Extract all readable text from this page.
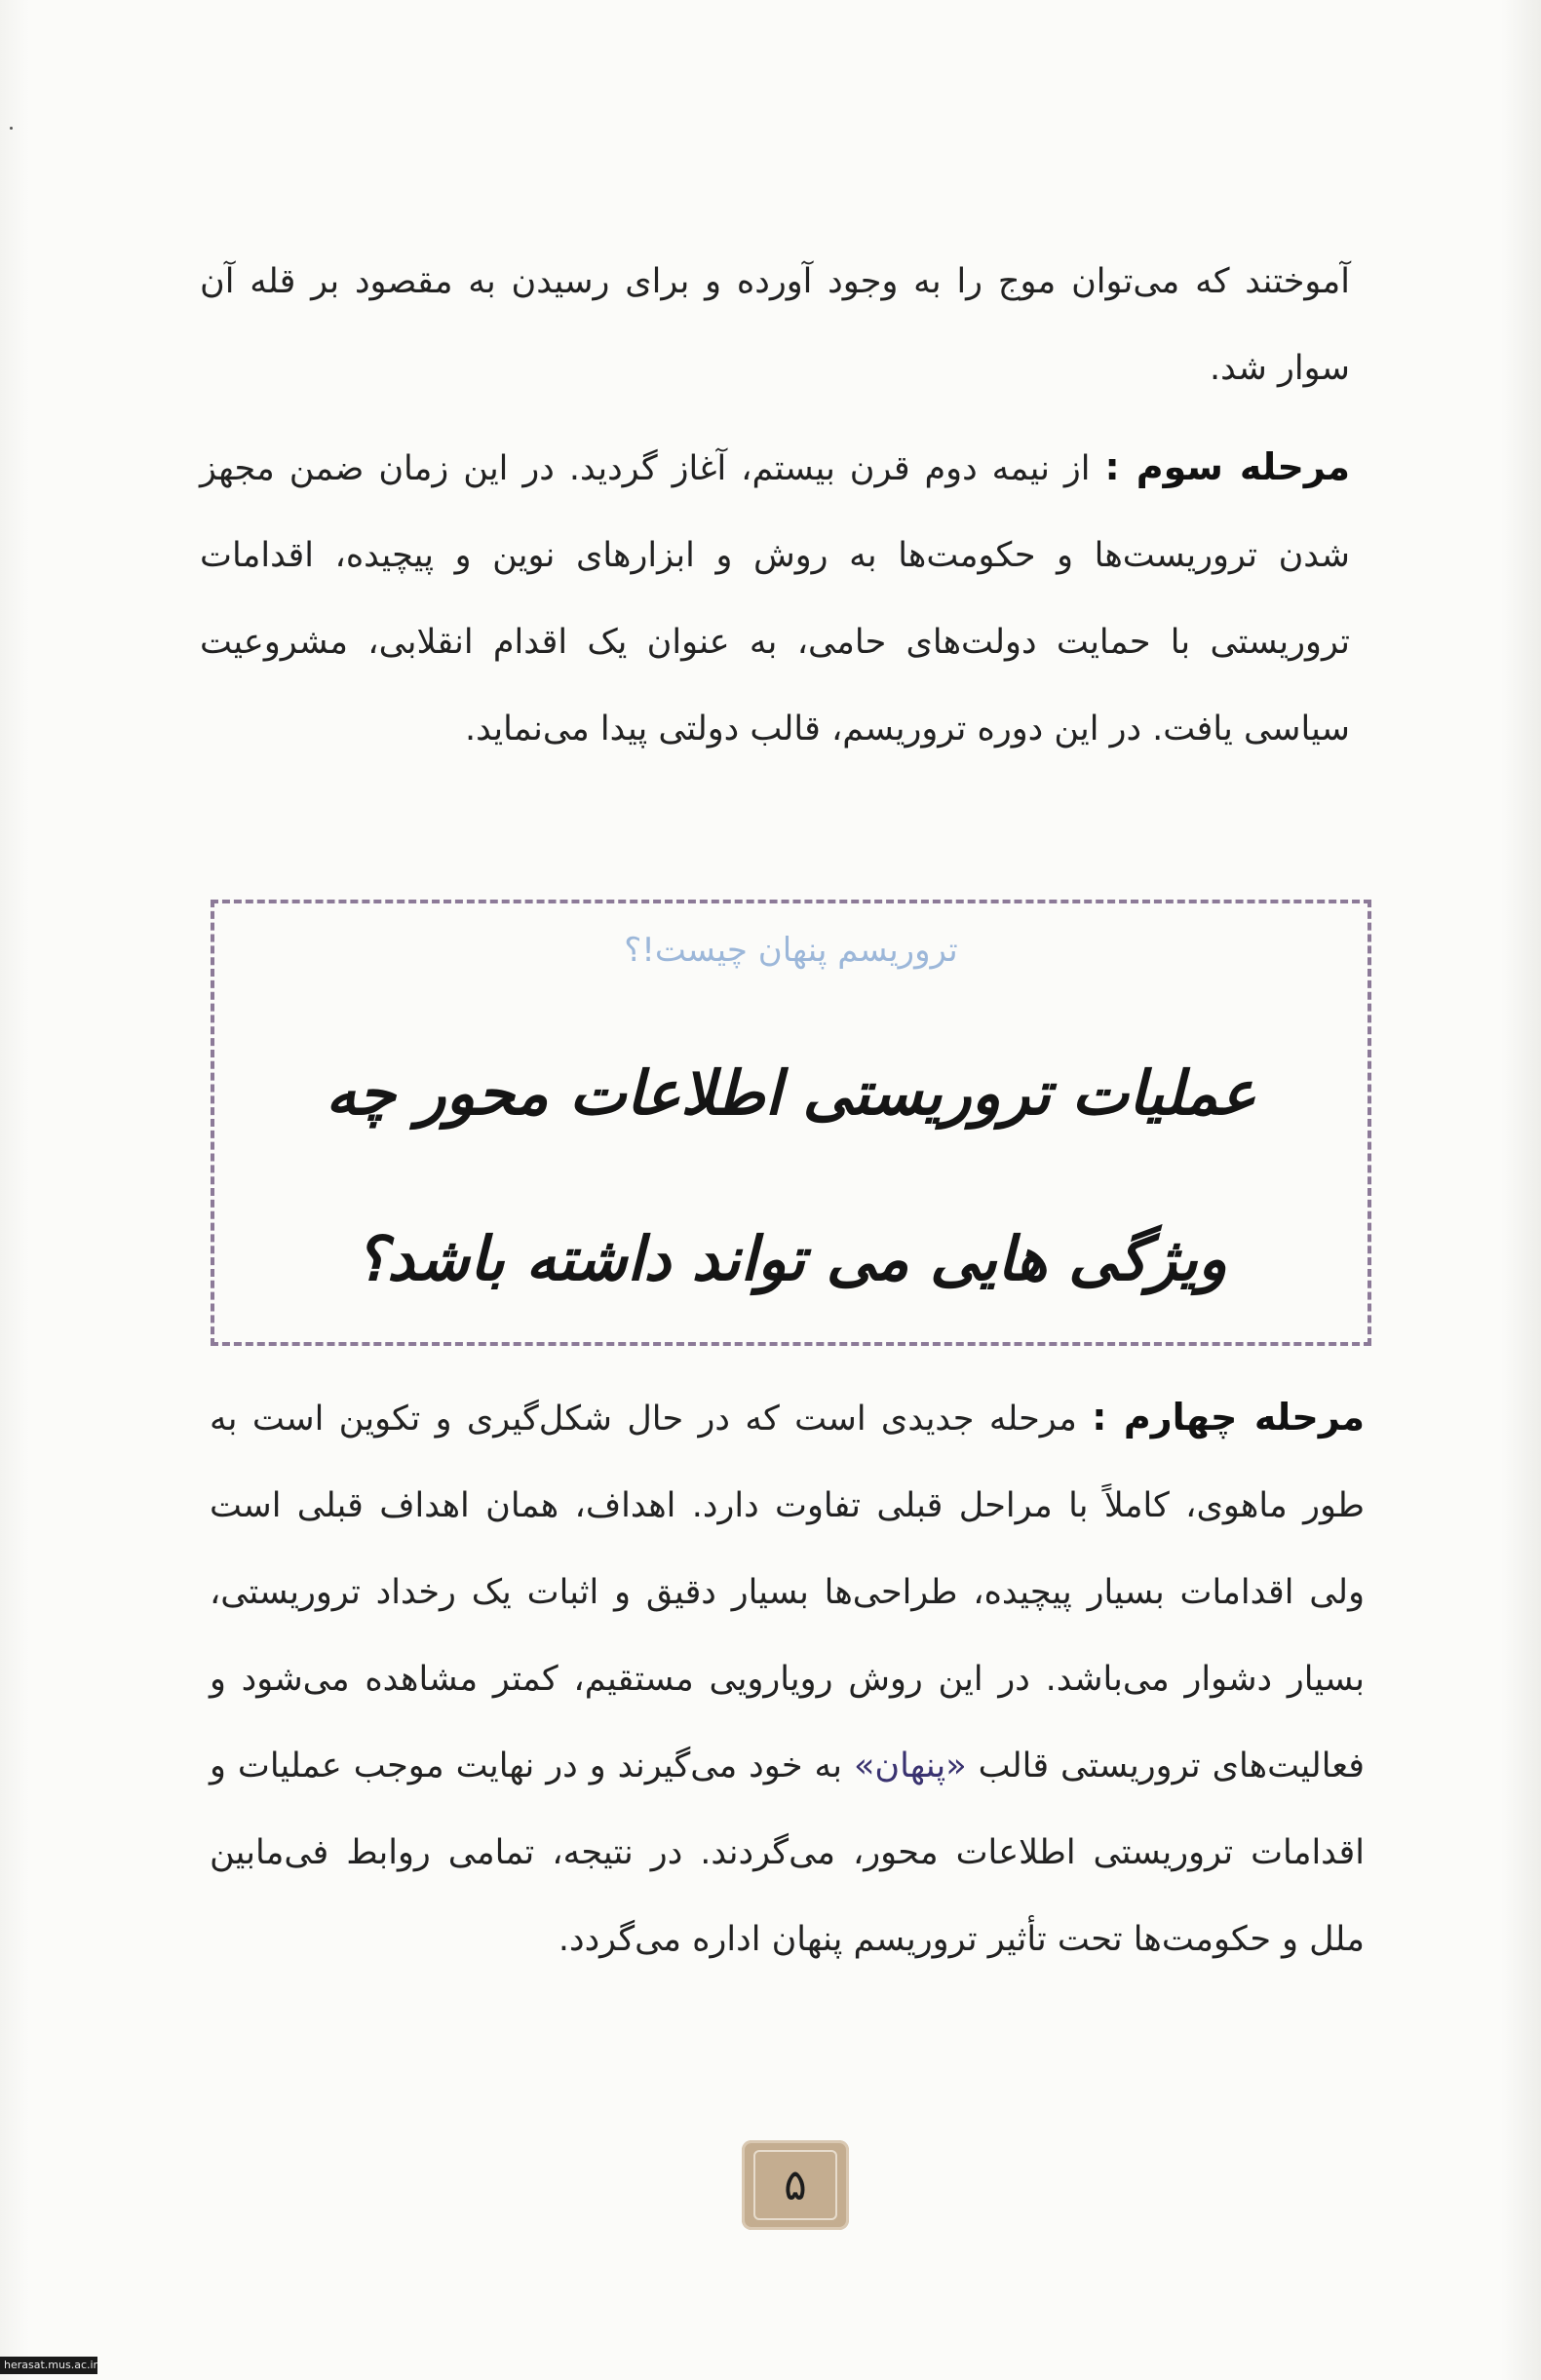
آموختند که می‌توان موج را به وجود آورده و برای رسیدن به مقصود بر قله آن سوار شد.

مرحله سوم : از نیمه دوم قرن بیستم، آغاز گردید. در این زمان ضمن مجهز شدن تروریست‌ها و حکومت‌ها به روش و ابزارهای نوین و پیچیده، اقدامات تروریستی با حمایت دولت‌های حامی، به عنوان یک اقدام انقلابی، مشروعیت سیاسی یافت. در این دوره تروریسم، قالب دولتی پیدا می‌نماید.

تروریسم پنهان چیست!؟
عملیات تروریستی اطلاعات محور چه ویژگی هایی می تواند داشته باشد؟

مرحله چهارم : مرحله جدیدی است که در حال شکل‌گیری و تکوین است به طور ماهوی، کاملاً با مراحل قبلی تفاوت دارد. اهداف، همان اهداف قبلی است ولی اقدامات بسیار پیچیده، طراحی‌ها بسیار دقیق و اثبات یک رخداد تروریستی، بسیار دشوار می‌باشد. در این روش رویارویی مستقیم، کمتر مشاهده می‌شود و فعالیت‌های تروریستی قالب «پنهان» به خود می‌گیرند و در نهایت موجب عملیات و اقدامات تروریستی اطلاعات محور، می‌گردند. در نتیجه، تمامی روابط فی‌مابین ملل و حکومت‌ها تحت تأثیر تروریسم پنهان اداره می‌گردد.

۵
herasat.mus.ac.ir
